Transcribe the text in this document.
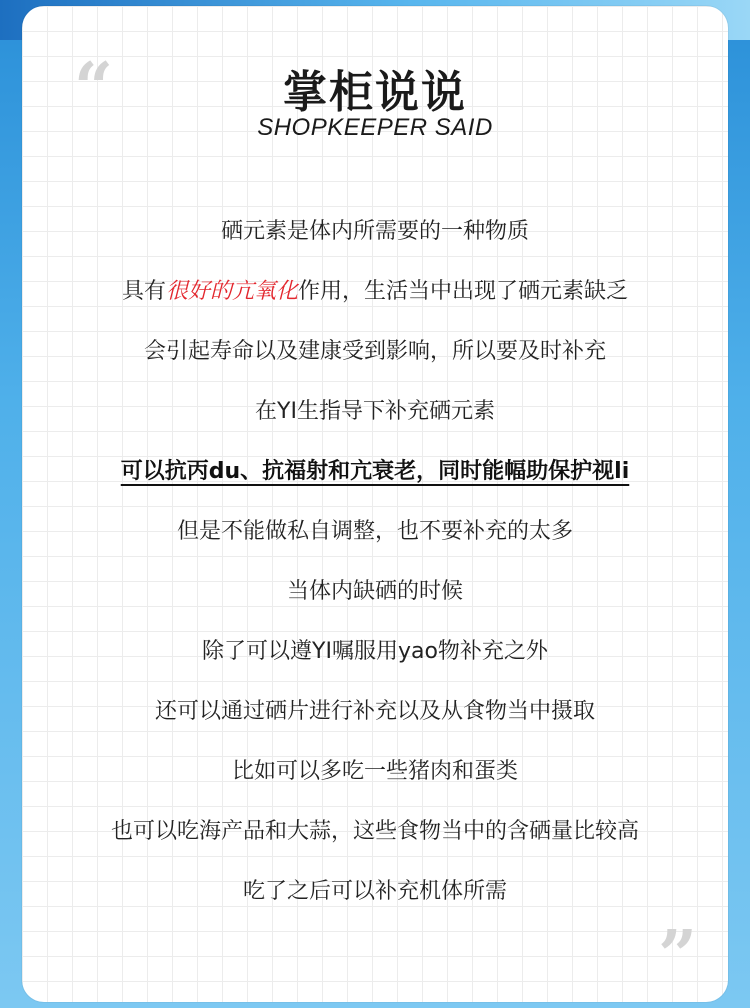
“	掌柜说说
SHOPKEEPER SAID
硒元素是体内所需要的一种物质
具有很好的亢氧化作用，生活当中出现了硒元素缺乏
会引起寿命以及建康受到影响，所以要及时补充
在YI生指导下补充硒元素
可以抗丙du、抗福射和亢衰老，同时能幅助保护视li
但是不能做私自调整，也不要补充的太多
当体内缺硒的时候
除了可以遵YI嘱服用yao物补充之外
还可以通过硒片进行补充以及从食物当中摄取
比如可以多吃一些猪肉和蛋类
也可以吃海产品和大蒜，这些食物当中的含硒量比较高
吃了之后可以补充机体所需
”
